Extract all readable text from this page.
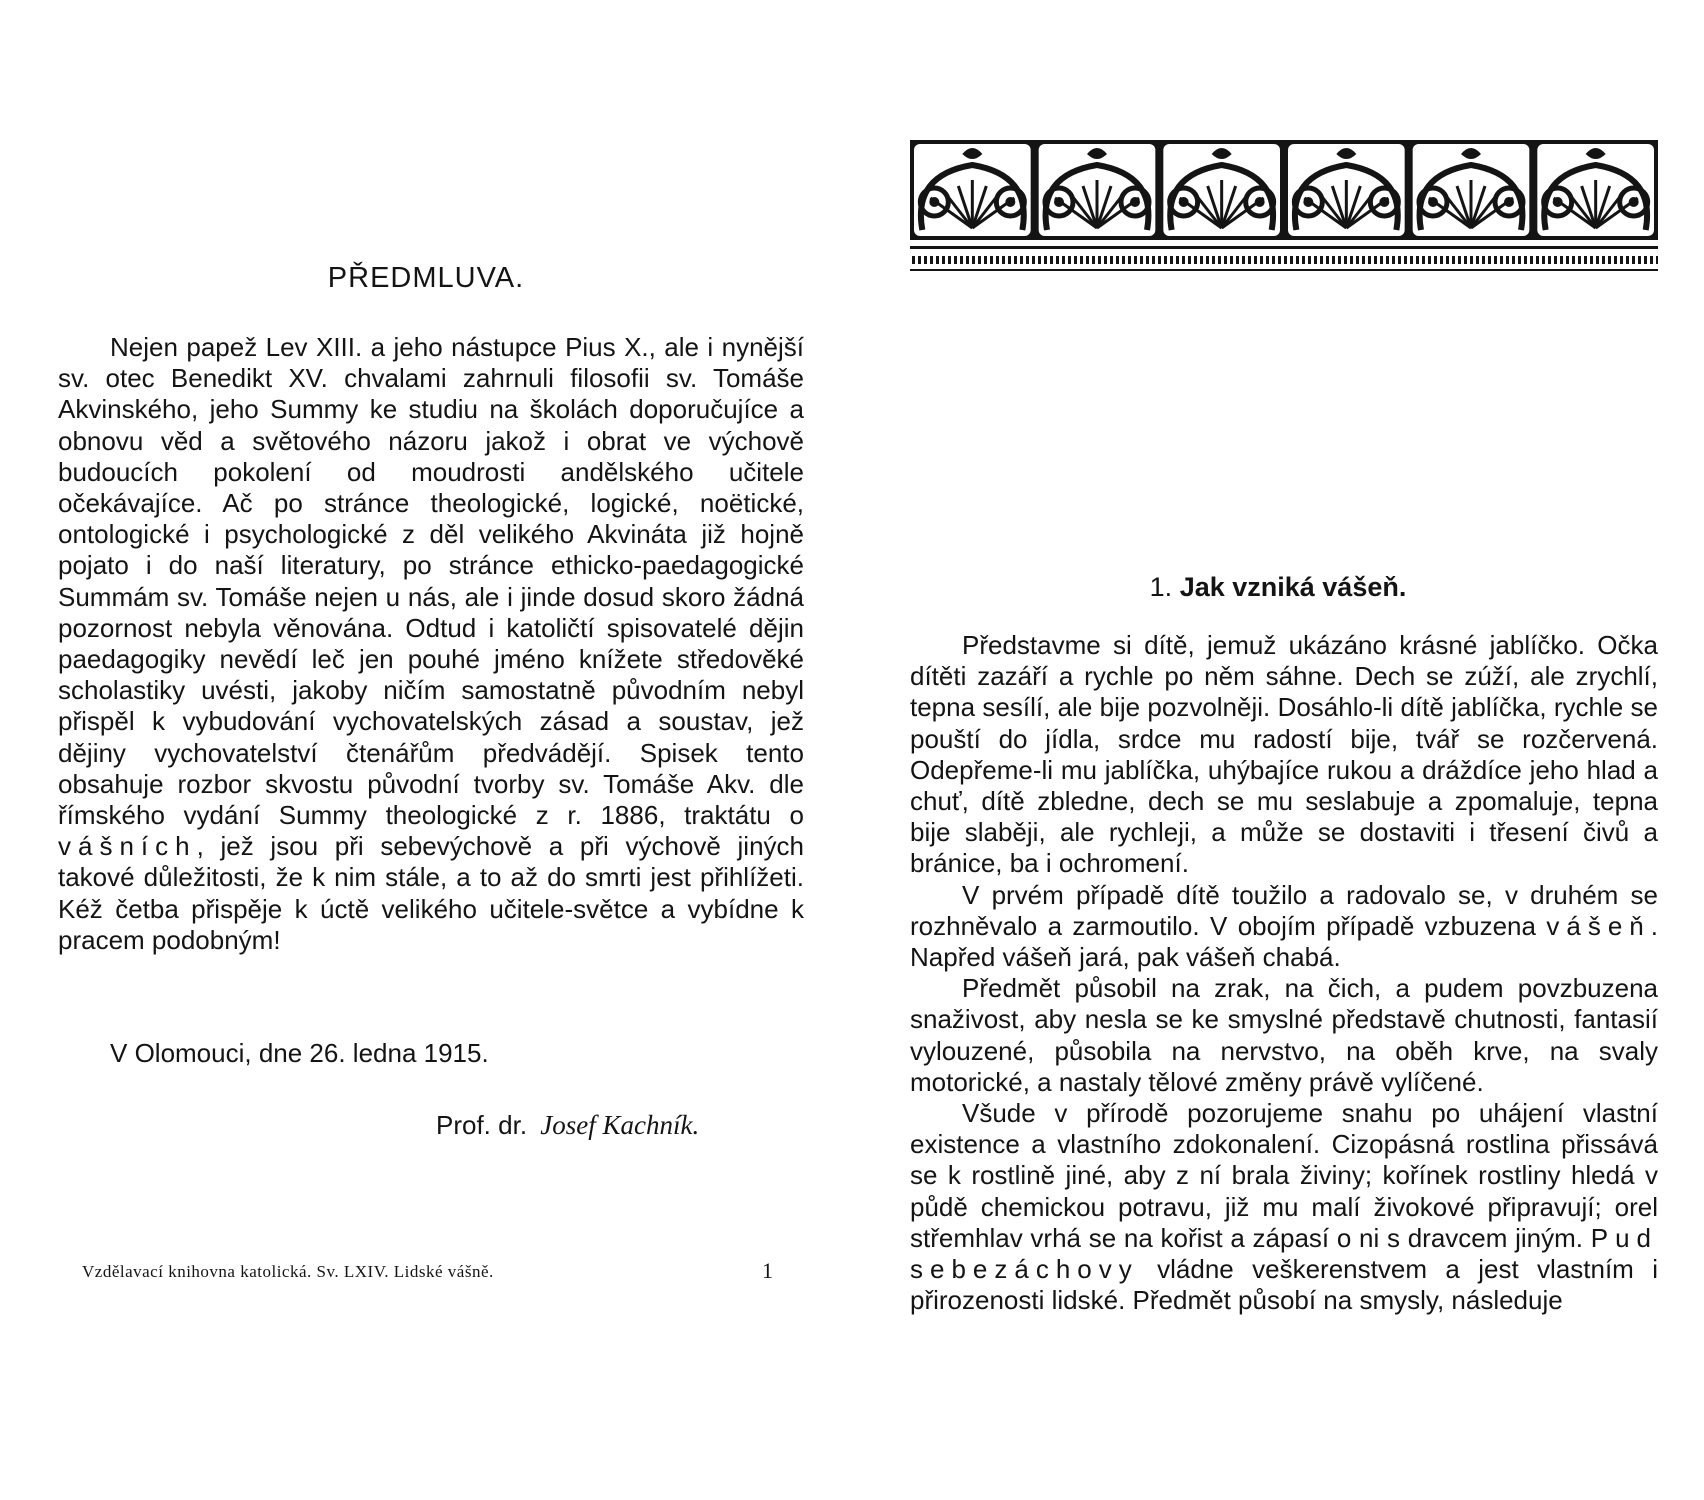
PŘEDMLUVA.

Nejen papež Lev XIII. a jeho nástupce Pius X., ale i nynější sv. otec Benedikt XV. chvalami zahrnuli filosofii sv. Tomáše Akvinského, jeho Summy ke studiu na školách doporučujíce a obnovu věd a světového názoru jakož i obrat ve výchově budoucích pokolení od moudrosti andělského učitele očekávajíce. Ač po stránce theologické, logické, noëtické, ontologické i psychologické z děl velikého Akvináta již hojně pojato i do naší literatury, po stránce ethicko-paedagogické Summám sv. Tomáše nejen u nás, ale i jinde dosud skoro žádná pozornost nebyla věnována. Odtud i katoličtí spisovatelé dějin paedagogiky nevědí leč jen pouhé jméno knížete středověké scholastiky uvésti, jakoby ničím samostatně původním nebyl přispěl k vybudování vychovatelských zásad a soustav, jež dějiny vychovatelství čtenářům předvádějí. Spisek tento obsahuje rozbor skvostu původní tvorby sv. Tomáše Akv. dle římského vydání Summy theologické z r. 1886, traktátu o vášních, jež jsou při sebevýchově a při výchově jiných takové důležitosti, že k nim stále, a to až do smrti jest přihlížeti. Kéž četba přispěje k úctě velikého učitele-světce a vybídne k pracem podobným!

V Olomouci, dne 26. ledna 1915.
Prof. dr. Josef Kachník.
Vzdělavací knihovna katolická. Sv. LXIV. Lidské vášně.	1
1. Jak vzniká vášeň.

Představme si dítě, jemuž ukázáno krásné jablíčko. Očka dítěti zazáří a rychle po něm sáhne. Dech se zúží, ale zrychlí, tepna sesílí, ale bije pozvolněji. Dosáhlo-li dítě jablíčka, rychle se pouští do jídla, srdce mu radostí bije, tvář se rozčervená. Odepřeme-li mu jablíčka, uhýbajíce rukou a dráždíce jeho hlad a chuť, dítě zbledne, dech se mu seslabuje a zpomaluje, tepna bije slaběji, ale rychleji, a může se dostaviti i třesení čivů a bránice, ba i ochromení.

V prvém případě dítě toužilo a radovalo se, v druhém se rozhněvalo a zarmoutilo. V obojím případě vzbuzena vášeň. Napřed vášeň jará, pak vášeň chabá.

Předmět působil na zrak, na čich, a pudem povzbuzena snaživost, aby nesla se ke smyslné představě chutnosti, fantasií vylouzené, působila na nervstvo, na oběh krve, na svaly motorické, a nastaly tělové změny právě vylíčené.

Všude v přírodě pozorujeme snahu po uhájení vlastní existence a vlastního zdokonalení. Cizopásná rostlina přissává se k rostlině jiné, aby z ní brala živiny; kořínek rostliny hledá v půdě chemickou potravu, již mu malí živokové připravují; orel střemhlav vrhá se na kořist a zápasí o ni s dravcem jiným. Pud sebezáchovy vládne veškerenstvem a jest vlastním i přirozenosti lidské. Předmět působí na smysly, následuje
